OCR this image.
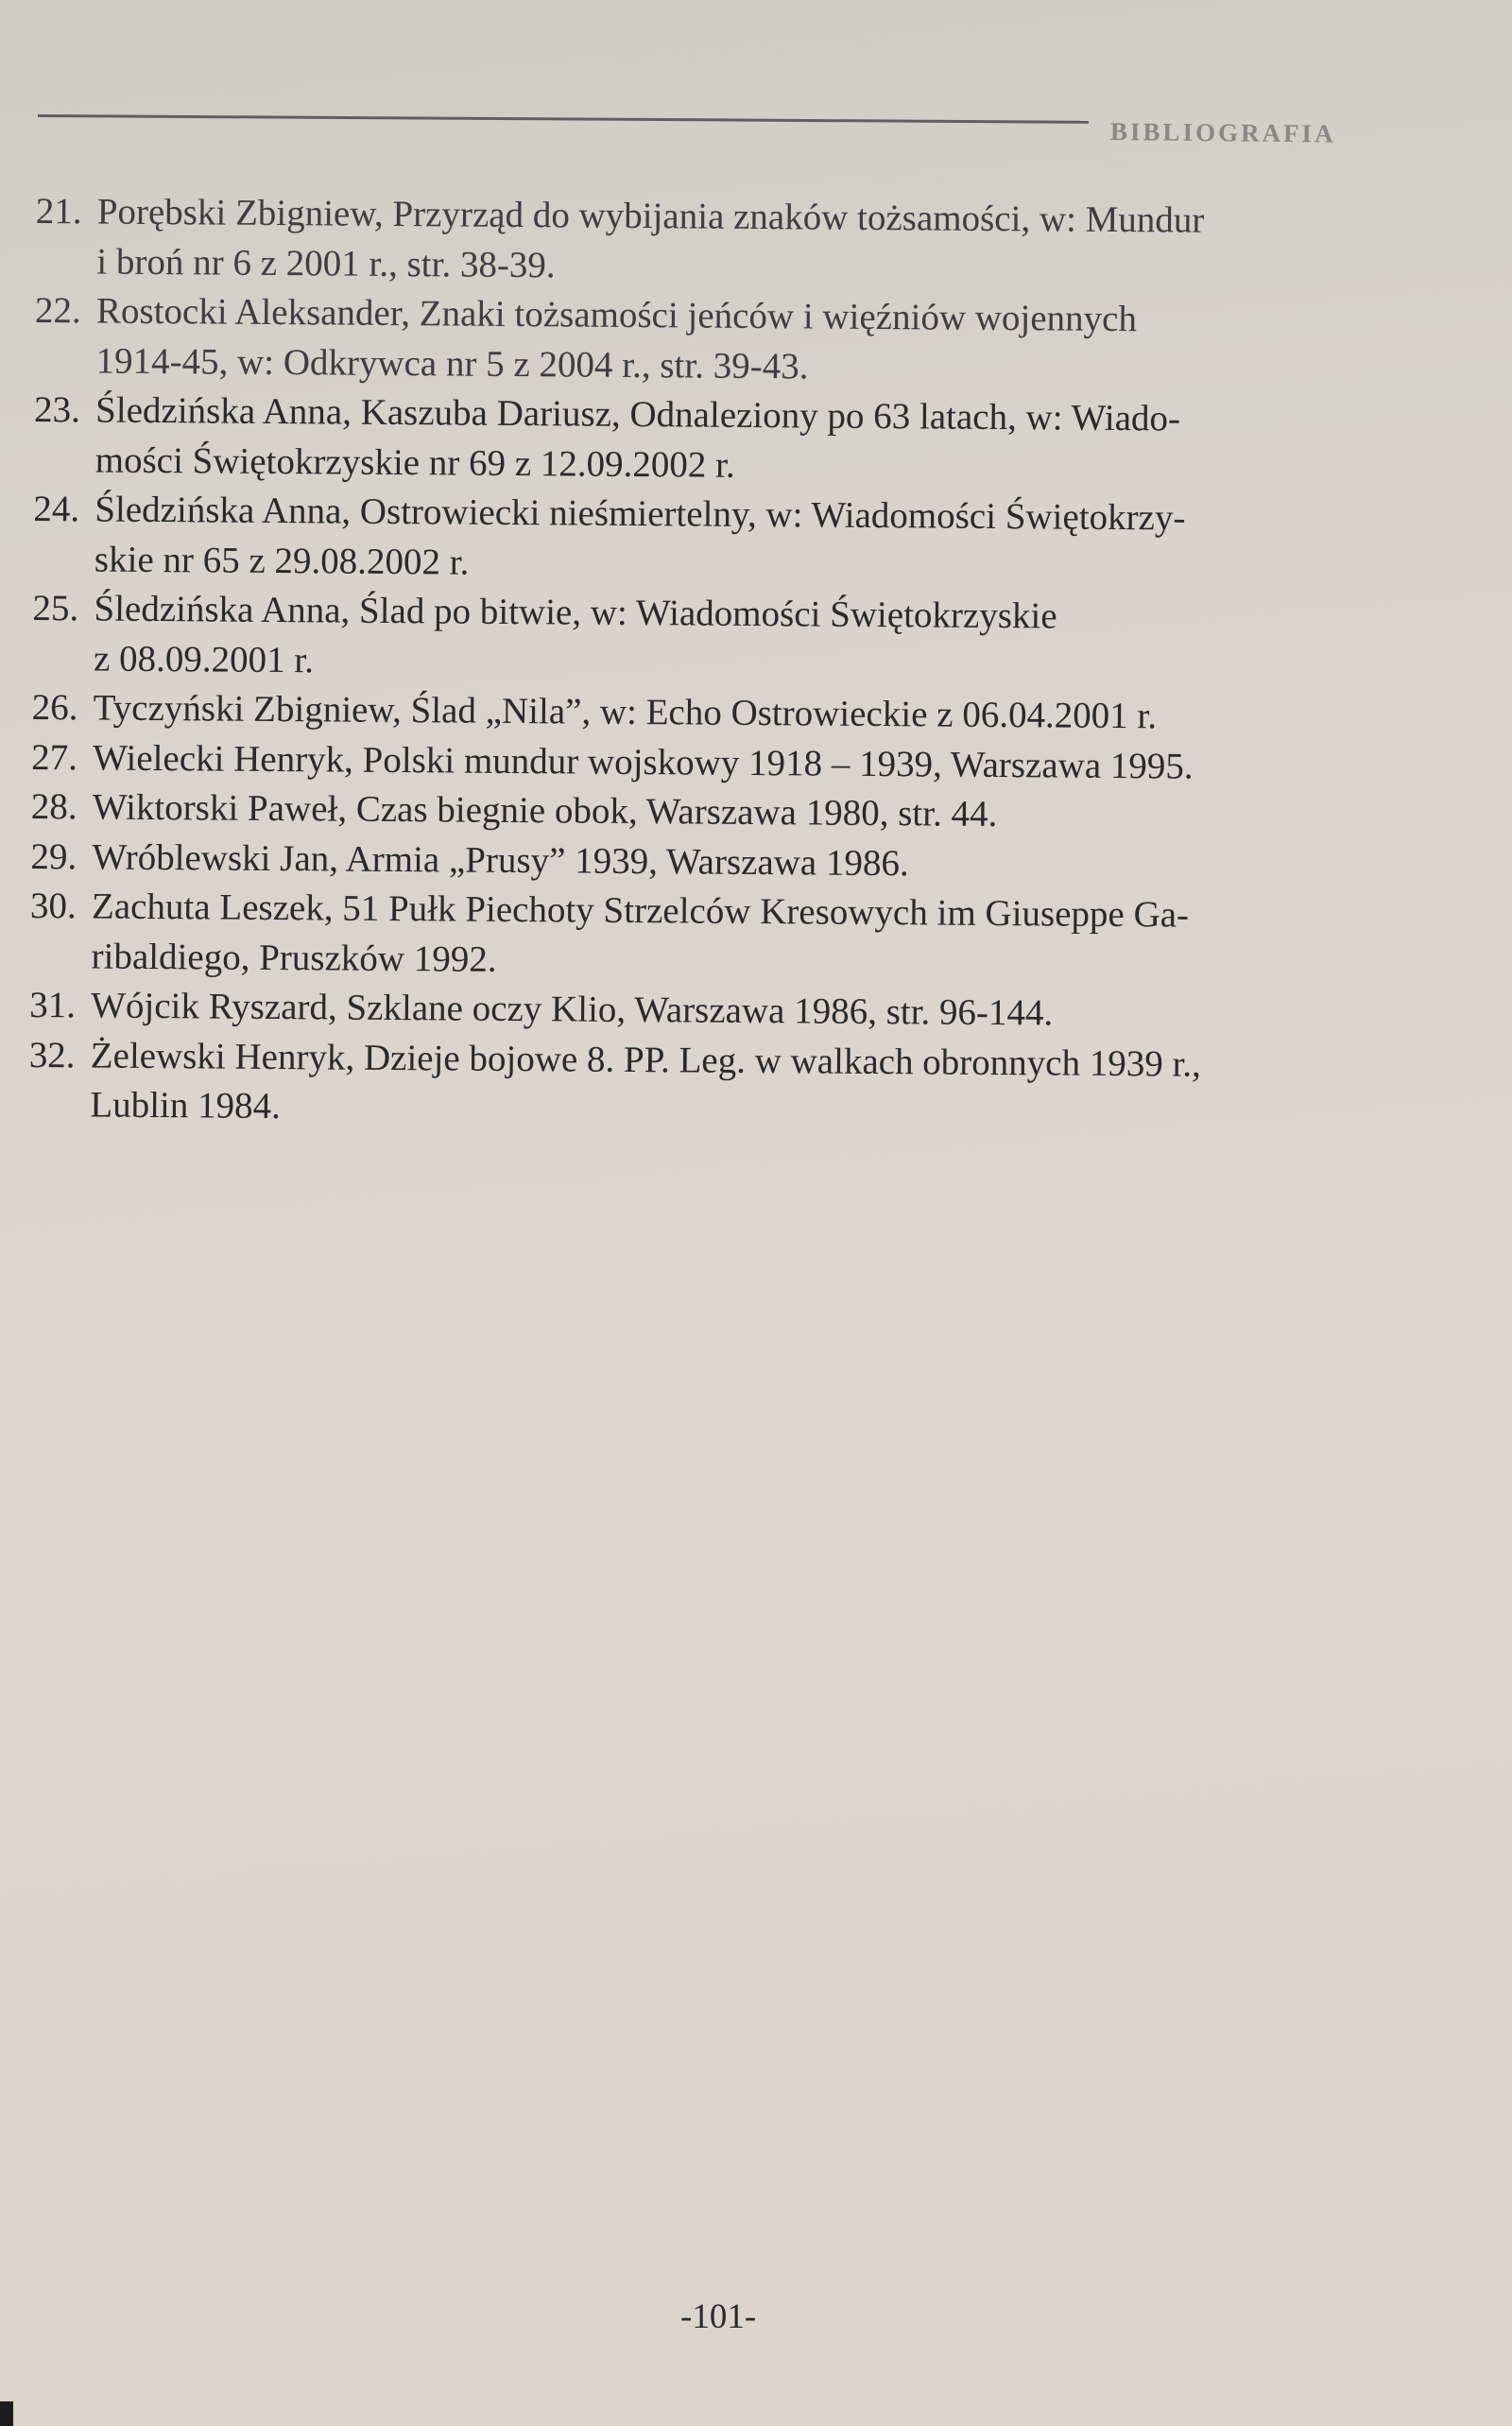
BIBLIOGRAFIA
21. Porębski Zbigniew, Przyrząd do wybijania znaków tożsamości, w: Mundur
i broń nr 6 z 2001 r., str. 38-39.
22. Rostocki Aleksander, Znaki tożsamości jeńców i więźniów wojennych
1914-45, w: Odkrywca nr 5 z 2004 r., str. 39-43.
23. Śledzińska Anna, Kaszuba Dariusz, Odnaleziony po 63 latach, w: Wiado-
mości Świętokrzyskie nr 69 z 12.09.2002 r.
24. Śledzińska Anna, Ostrowiecki nieśmiertelny, w: Wiadomości Świętokrzy-
skie nr 65 z 29.08.2002 r.
25. Śledzińska Anna, Ślad po bitwie, w: Wiadomości Świętokrzyskie
z 08.09.2001 r.
26. Tyczyński Zbigniew, Ślad „Nila”, w: Echo Ostrowieckie z 06.04.2001 r.
27. Wielecki Henryk, Polski mundur wojskowy 1918 – 1939, Warszawa 1995.
28. Wiktorski Paweł, Czas biegnie obok, Warszawa 1980, str. 44.
29. Wróblewski Jan, Armia „Prusy” 1939, Warszawa 1986.
30. Zachuta Leszek, 51 Pułk Piechoty Strzelców Kresowych im Giuseppe Ga-
ribaldiego, Pruszków 1992.
31. Wójcik Ryszard, Szklane oczy Klio, Warszawa 1986, str. 96-144.
32. Żelewski Henryk, Dzieje bojowe 8. PP. Leg. w walkach obronnych 1939 r.,
Lublin 1984.
-101-
